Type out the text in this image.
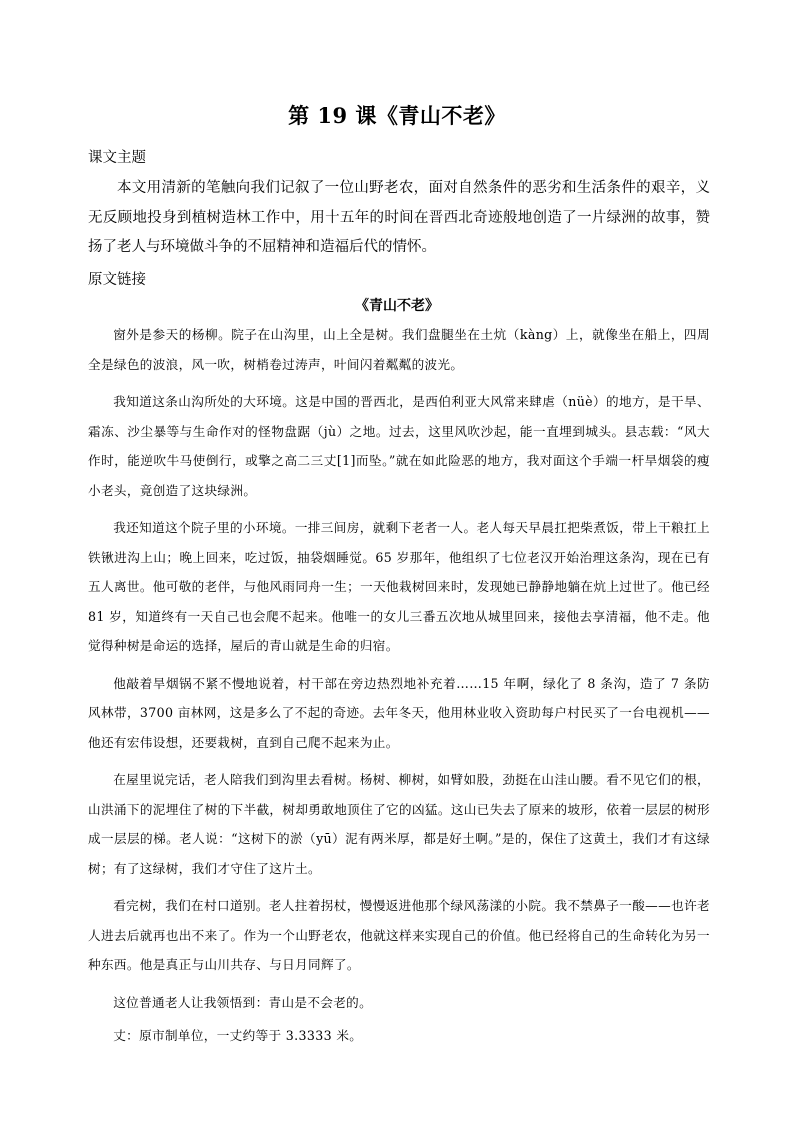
第 19 课《青山不老》
课文主题

本文用清新的笔触向我们记叙了一位山野老农，面对自然条件的恶劣和生活条件的艰辛，义无反顾地投身到植树造林工作中，用十五年的时间在晋西北奇迹般地创造了一片绿洲的故事，赞扬了老人与环境做斗争的不屈精神和造福后代的情怀。

原文链接
《青山不老》

窗外是参天的杨柳。院子在山沟里，山上全是树。我们盘腿坐在土炕（kàng）上，就像坐在船上，四周全是绿色的波浪，风一吹，树梢卷过涛声，叶间闪着粼粼的波光。

我知道这条山沟所处的大环境。这是中国的晋西北，是西伯利亚大风常来肆虐（nüè）的地方，是干旱、霜冻、沙尘暴等与生命作对的怪物盘踞（jù）之地。过去，这里风吹沙起，能一直埋到城头。县志载：“风大作时，能逆吹牛马使倒行，或擎之高二三丈[1]而坠。”就在如此险恶的地方，我对面这个手端一杆旱烟袋的瘦小老头，竟创造了这块绿洲。

我还知道这个院子里的小环境。一排三间房，就剩下老者一人。老人每天早晨扛把柴煮饭，带上干粮扛上铁锹进沟上山；晚上回来，吃过饭，抽袋烟睡觉。65 岁那年，他组织了七位老汉开始治理这条沟，现在已有五人离世。他可敬的老伴，与他风雨同舟一生；一天他栽树回来时，发现她已静静地躺在炕上过世了。他已经 81 岁，知道终有一天自己也会爬不起来。他唯一的女儿三番五次地从城里回来，接他去享清福，他不走。他觉得种树是命运的选择，屋后的青山就是生命的归宿。

他敲着旱烟锅不紧不慢地说着，村干部在旁边热烈地补充着……15 年啊，绿化了 8 条沟，造了 7 条防风林带，3700 亩林网，这是多么了不起的奇迹。去年冬天，他用林业收入资助每户村民买了一台电视机——他还有宏伟设想，还要栽树，直到自己爬不起来为止。

在屋里说完话，老人陪我们到沟里去看树。杨树、柳树，如臂如股，劲挺在山洼山腰。看不见它们的根，山洪涌下的泥埋住了树的下半截，树却勇敢地顶住了它的凶猛。这山已失去了原来的坡形，依着一层层的树形成一层层的梯。老人说：“这树下的淤（yū）泥有两米厚，都是好土啊。”是的，保住了这黄土，我们才有这绿树；有了这绿树，我们才守住了这片土。

看完树，我们在村口道别。老人拄着拐杖，慢慢返进他那个绿风荡漾的小院。我不禁鼻子一酸——也许老人进去后就再也出不来了。作为一个山野老农，他就这样来实现自己的价值。他已经将自己的生命转化为另一种东西。他是真正与山川共存、与日月同辉了。

这位普通老人让我领悟到：青山是不会老的。

丈：原市制单位，一丈约等于 3.3333 米。
